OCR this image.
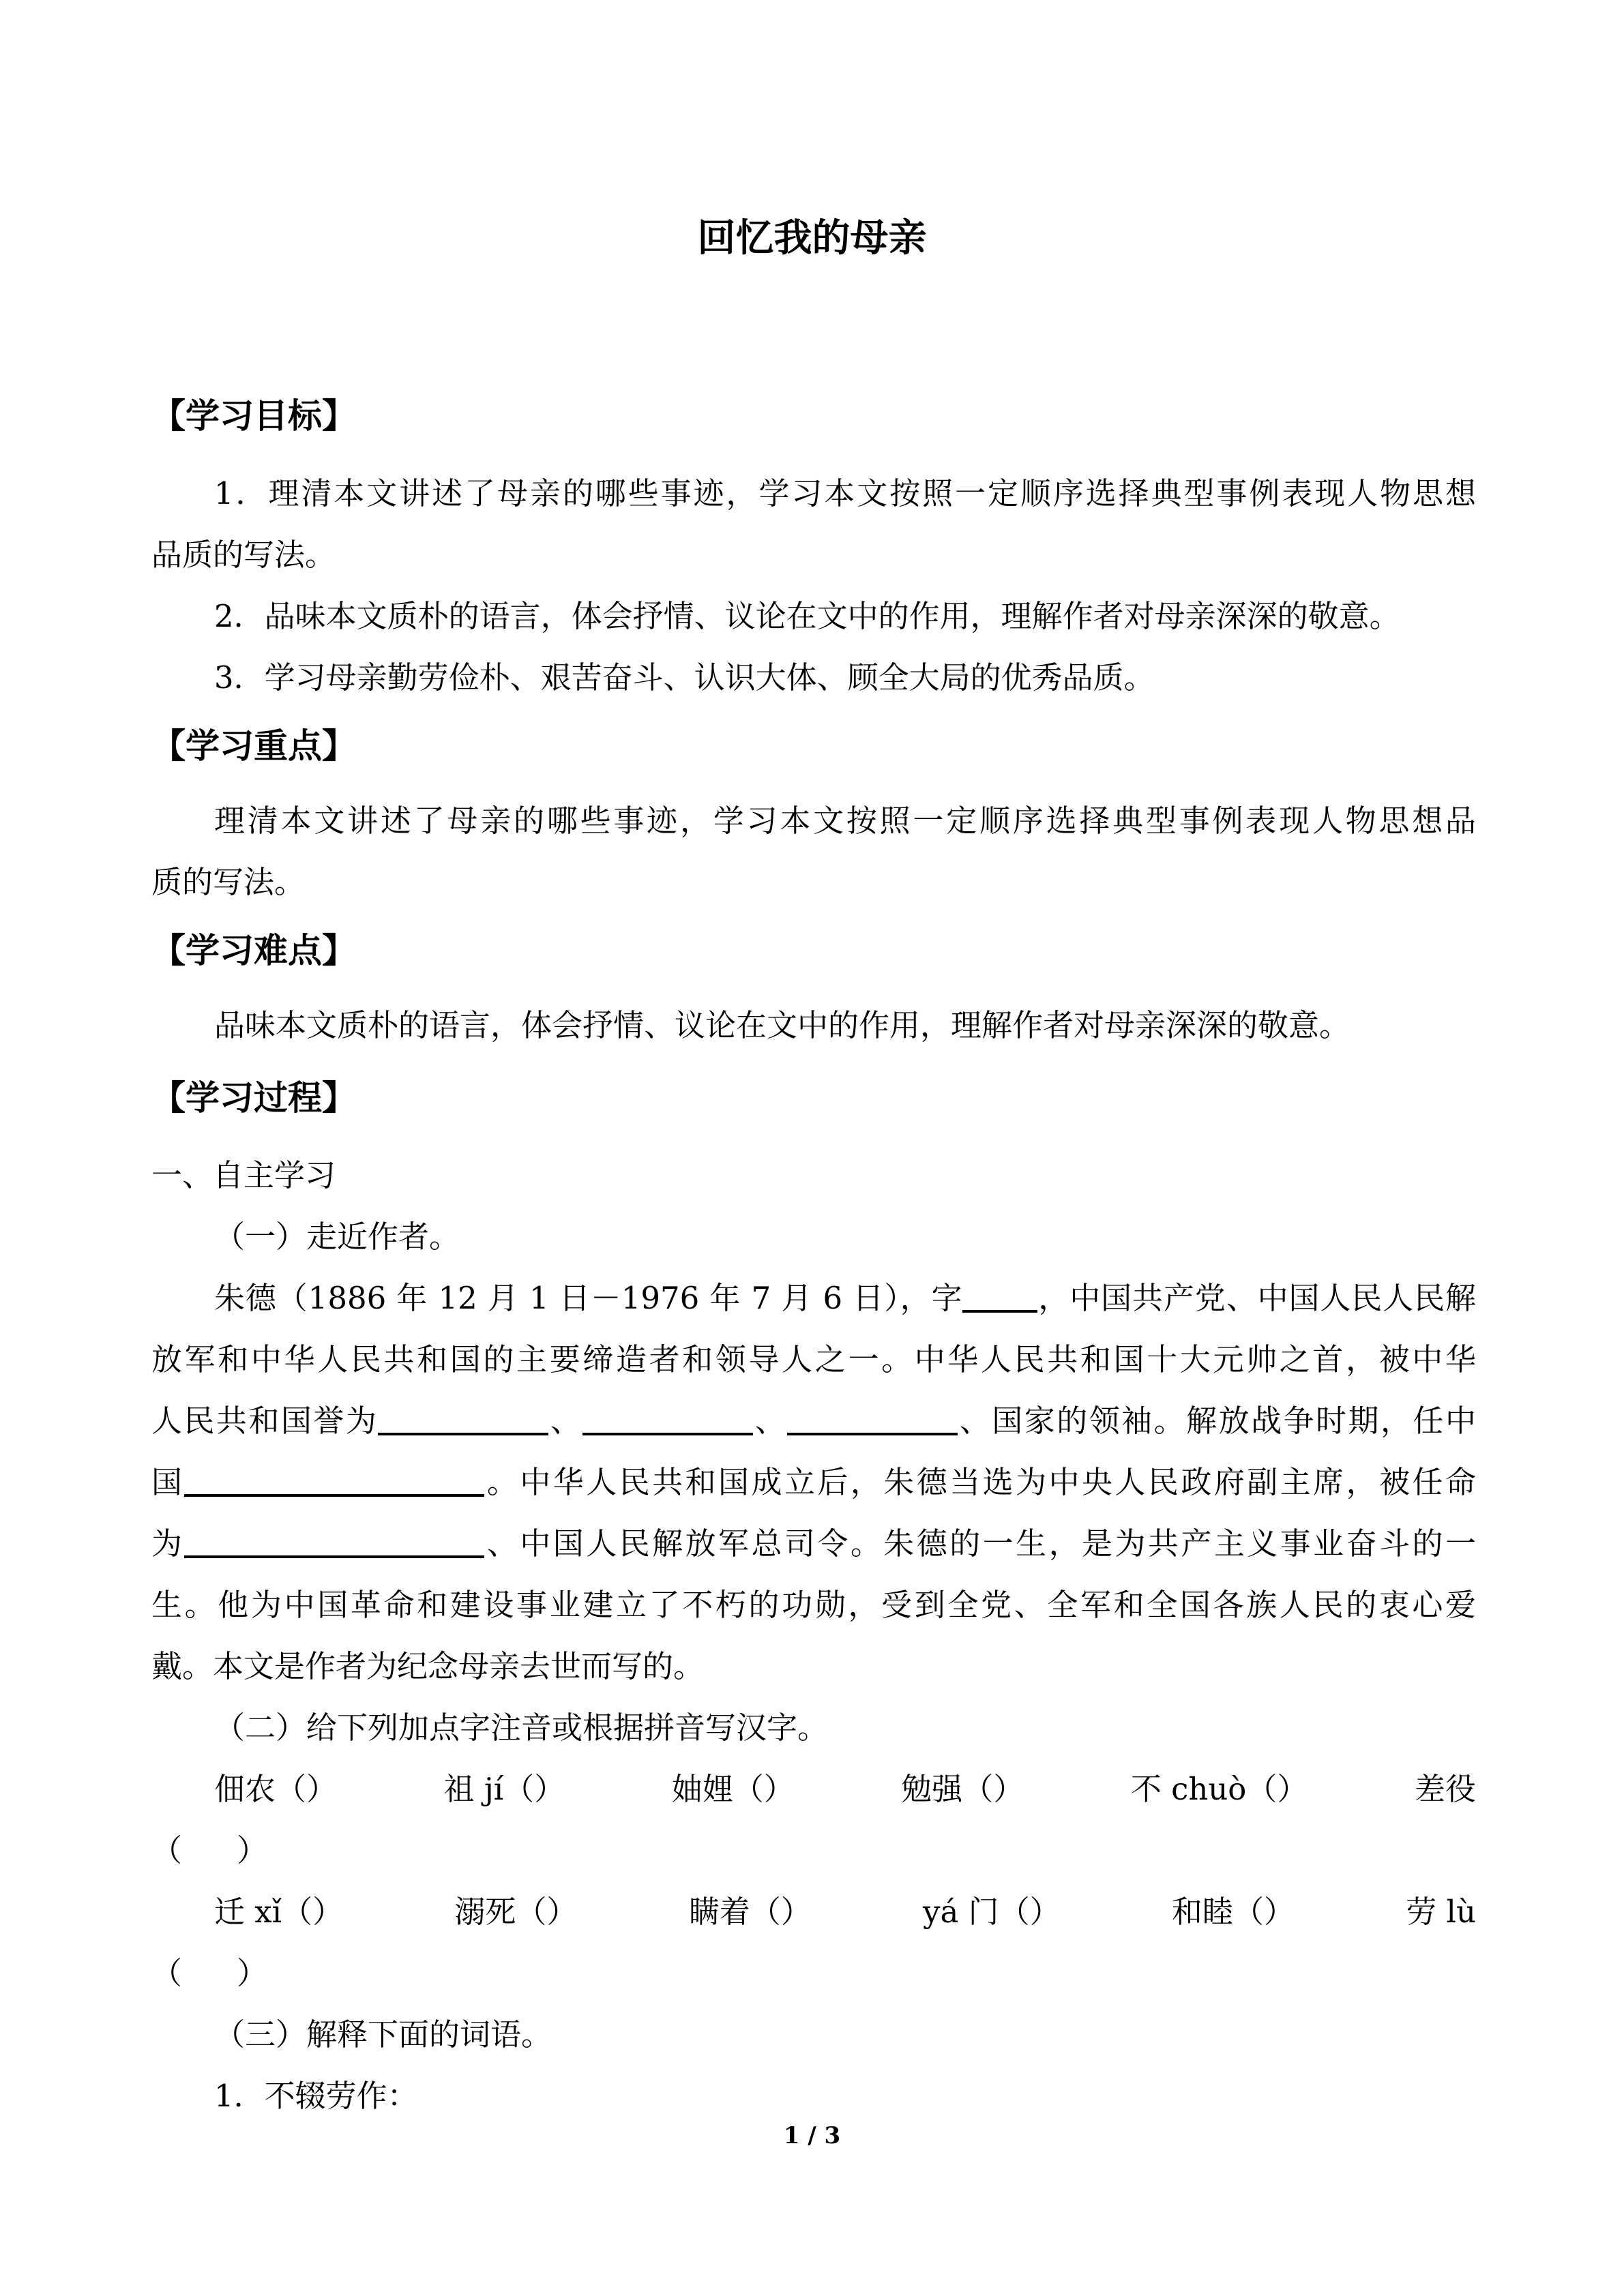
回忆我的母亲
【学习目标】
1．理清本文讲述了母亲的哪些事迹，学习本文按照一定顺序选择典型事例表现人物思想
品质的写法。
2．品味本文质朴的语言，体会抒情、议论在文中的作用，理解作者对母亲深深的敬意。
3．学习母亲勤劳俭朴、艰苦奋斗、认识大体、顾全大局的优秀品质。
【学习重点】
理清本文讲述了母亲的哪些事迹，学习本文按照一定顺序选择典型事例表现人物思想品
质的写法。
【学习难点】
品味本文质朴的语言，体会抒情、议论在文中的作用，理解作者对母亲深深的敬意。
【学习过程】
一、自主学习
（一）走近作者。
朱德（1886 年 12 月 1 日－1976 年 7 月 6 日），字 ，中国共产党、中国人民人民解
放军和中华人民共和国的主要缔造者和领导人之一。中华人民共和国十大元帅之首，被中华
人民共和国誉为	、	、	、国家的领袖。解放战争时期，任中
国	。中华人民共和国成立后，朱德当选为中央人民政府副主席，被任命
为	、中国人民解放军总司令。朱德的一生，是为共产主义事业奋斗的一
生。他为中国革命和建设事业建立了不朽的功勋，受到全党、全军和全国各族人民的衷心爱
戴。本文是作者为纪念母亲去世而写的。
（二）给下列加点字注音或根据拼音写汉字。
佃农（）	祖 jí（）	妯娌（）	勉强（）	不 chuò（）	差役
（）
迁 xǐ（）	溺死（）	瞒着（）	yá 门（）	和睦（）	劳 lù
（）
（三）解释下面的词语。
1．不辍劳作：
1 / 3
